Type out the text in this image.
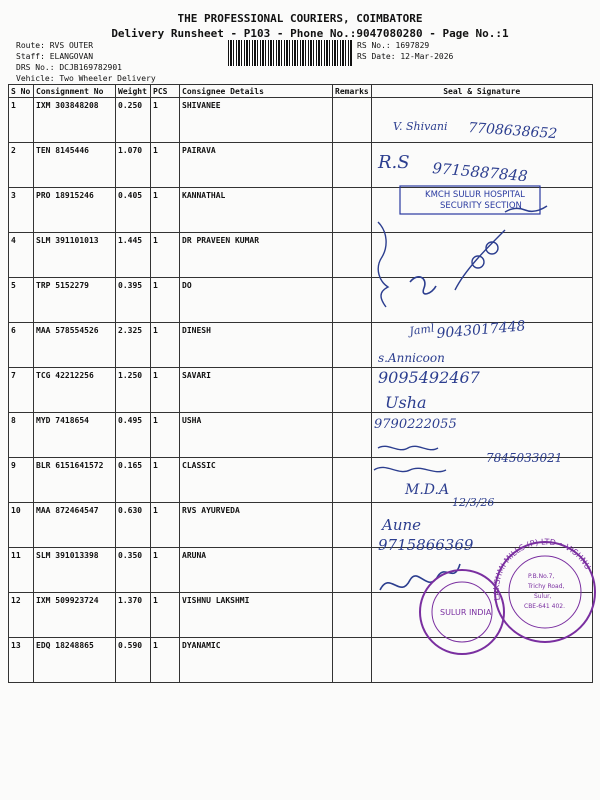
THE PROFESSIONAL COURIERS, COIMBATORE
Delivery Runsheet - P103 - Phone No.:9047080280 - Page No.:1
Route: RVS OUTER
Staff: ELANGOVAN
DRS No.: DCJB169782901
Vehicle: Two Wheeler Delivery
RS No.: 1697829
RS Date: 12-Mar-2026
S No	Consignment No	Weight	PCS	Consignee Details	Remarks	Seal & Signature
1	IXM 303848208	0.250	1	SHIVANEE		
2	TEN 8145446	1.070	1	PAIRAVA		
3	PRO 18915246	0.405	1	KANNATHAL		
4	SLM 391101013	1.445	1	DR PRAVEEN KUMAR		
5	TRP 5152279	0.395	1	DO		
6	MAA 578554526	2.325	1	DINESH		
7	TCG 42212256	1.250	1	SAVARI		
8	MYD 7418654	0.495	1	USHA		
9	BLR 6151641572	0.165	1	CLASSIC		
10	MAA 872464547	0.630	1	RVS AYURVEDA		
11	SLM 391013398	0.350	1	ARUNA		
12	IXM 509923724	1.370	1	VISHNU LAKSHMI		
13	EDQ 18248865	0.590	1	DYANAMIC		
V. Shivani 7708638652
R.S 9715887848
KMCH SULUR HOSPITAL
SECURITY SECTION
Jaml 9043017448
s.Annicoon
9095492467
Usha
9790222055
7845033021
M.D.A
12/3/26
Aune
9715866369
SULUR INDIA
LAKSHMI MILLS (P) LTD • VISHNU
P.B.No.7,
Trichy Road,
Sulur,
CBE-641 402.
